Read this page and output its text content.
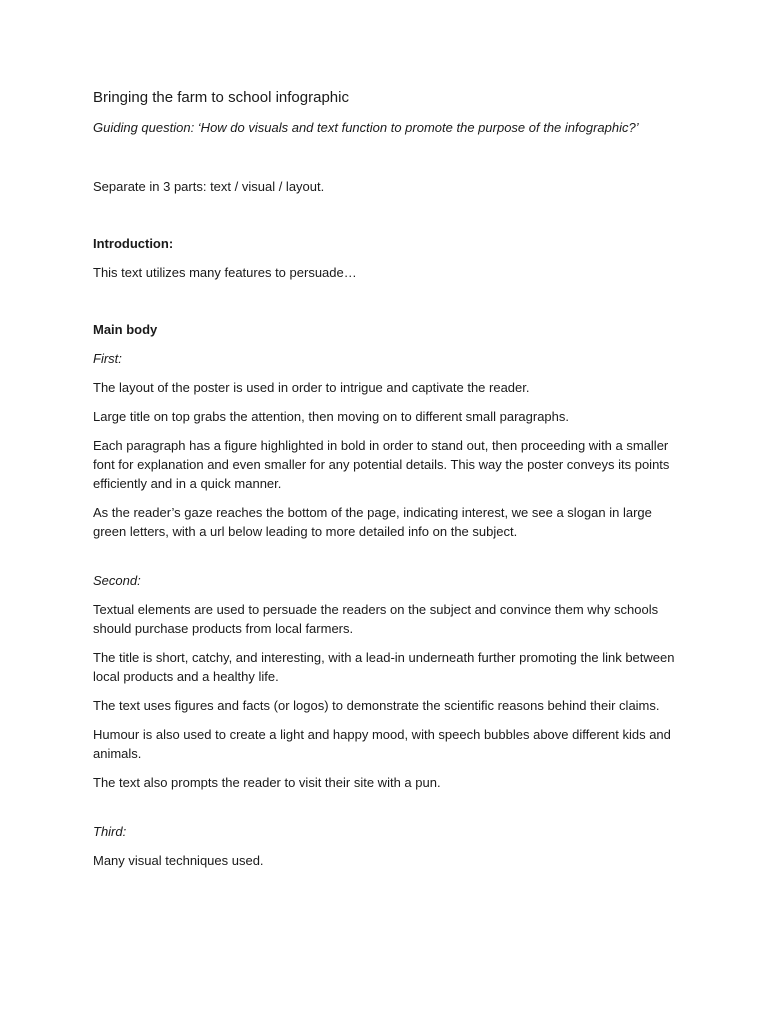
Bringing the farm to school infographic
Guiding question: ‘How do visuals and text function to promote the purpose of the infographic?’
Separate in 3 parts: text / visual / layout.
Introduction:
This text utilizes many features to persuade…
Main body
First:
The layout of the poster is used in order to intrigue and captivate the reader.
Large title on top grabs the attention, then moving on to different small paragraphs.
Each paragraph has a figure highlighted in bold in order to stand out, then proceeding with a smaller font for explanation and even smaller for any potential details. This way the poster conveys its points efficiently and in a quick manner.
As the reader’s gaze reaches the bottom of the page, indicating interest, we see a slogan in large green letters, with a url below leading to more detailed info on the subject.
Second:
Textual elements are used to persuade the readers on the subject and convince them why schools should purchase products from local farmers.
The title is short, catchy, and interesting, with a lead-in underneath further promoting the link between local products and a healthy life.
The text uses figures and facts (or logos) to demonstrate the scientific reasons behind their claims.
Humour is also used to create a light and happy mood, with speech bubbles above different kids and animals.
The text also prompts the reader to visit their site with a pun.
Third:
Many visual techniques used.
